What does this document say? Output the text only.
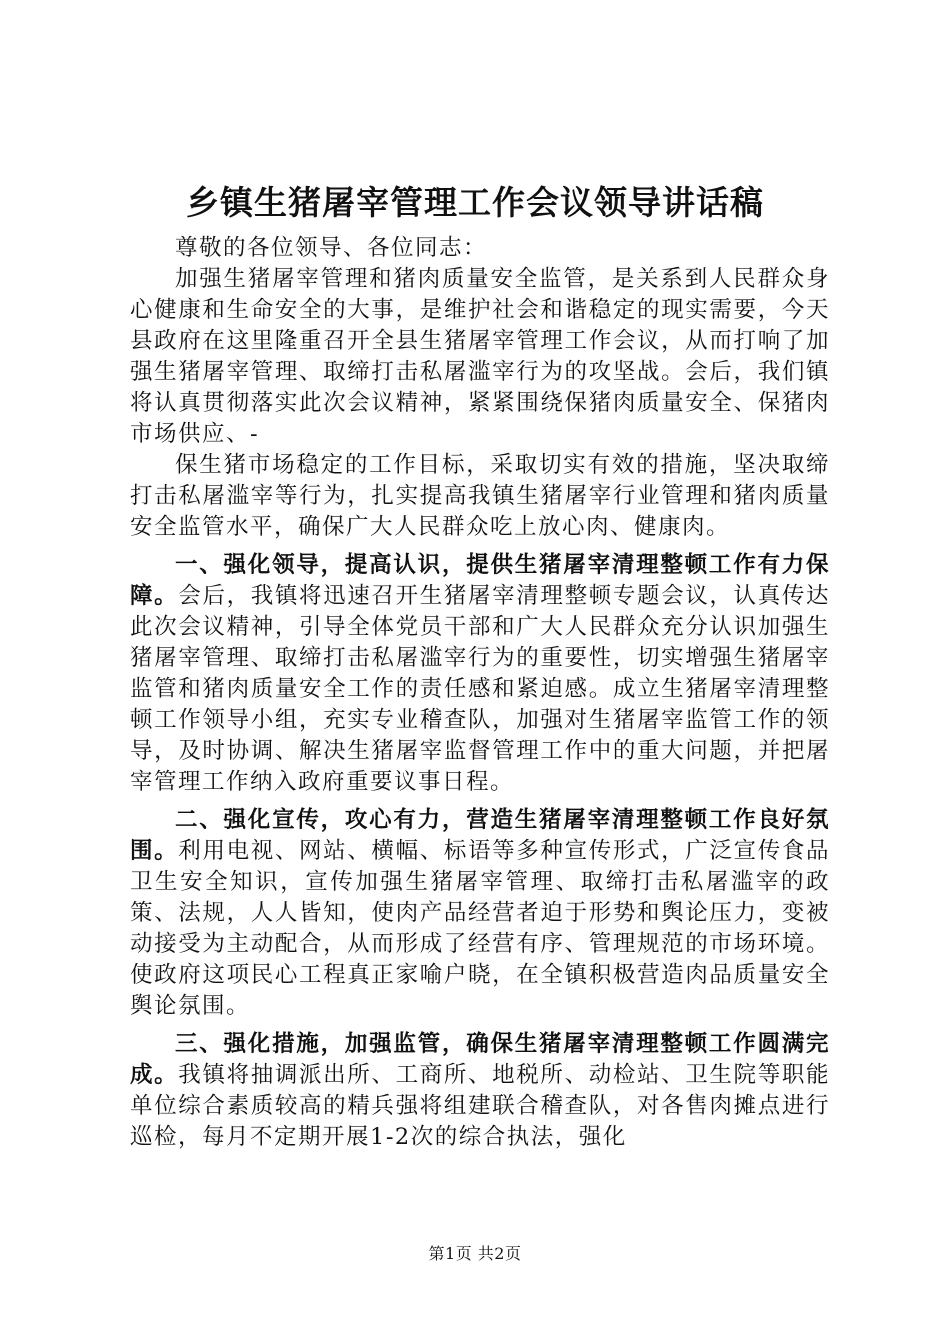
乡镇生猪屠宰管理工作会议领导讲话稿

尊敬的各位领导、各位同志：

加强生猪屠宰管理和猪肉质量安全监管，是关系到人民群众身心健康和生命安全的大事，是维护社会和谐稳定的现实需要，今天县政府在这里隆重召开全县生猪屠宰管理工作会议，从而打响了加强生猪屠宰管理、取缔打击私屠滥宰行为的攻坚战。会后，我们镇将认真贯彻落实此次会议精神，紧紧围绕保猪肉质量安全、保猪肉市场供应、-

保生猪市场稳定的工作目标，采取切实有效的措施，坚决取缔打击私屠滥宰等行为，扎实提高我镇生猪屠宰行业管理和猪肉质量安全监管水平，确保广大人民群众吃上放心肉、健康肉。

一、强化领导，提高认识，提供生猪屠宰清理整顿工作有力保障。会后，我镇将迅速召开生猪屠宰清理整顿专题会议，认真传达此次会议精神，引导全体党员干部和广大人民群众充分认识加强生猪屠宰管理、取缔打击私屠滥宰行为的重要性，切实增强生猪屠宰监管和猪肉质量安全工作的责任感和紧迫感。成立生猪屠宰清理整顿工作领导小组，充实专业稽查队，加强对生猪屠宰监管工作的领导，及时协调、解决生猪屠宰监督管理工作中的重大问题，并把屠宰管理工作纳入政府重要议事日程。

二、强化宣传，攻心有力，营造生猪屠宰清理整顿工作良好氛围。利用电视、网站、横幅、标语等多种宣传形式，广泛宣传食品卫生安全知识，宣传加强生猪屠宰管理、取缔打击私屠滥宰的政策、法规，人人皆知，使肉产品经营者迫于形势和舆论压力，变被动接受为主动配合，从而形成了经营有序、管理规范的市场环境。使政府这项民心工程真正家喻户晓，在全镇积极营造肉品质量安全舆论氛围。

三、强化措施，加强监管，确保生猪屠宰清理整顿工作圆满完成。我镇将抽调派出所、工商所、地税所、动检站、卫生院等职能单位综合素质较高的精兵强将组建联合稽查队，对各售肉摊点进行巡检，每月不定期开展1-2次的综合执法，强化

第1页 共2页
